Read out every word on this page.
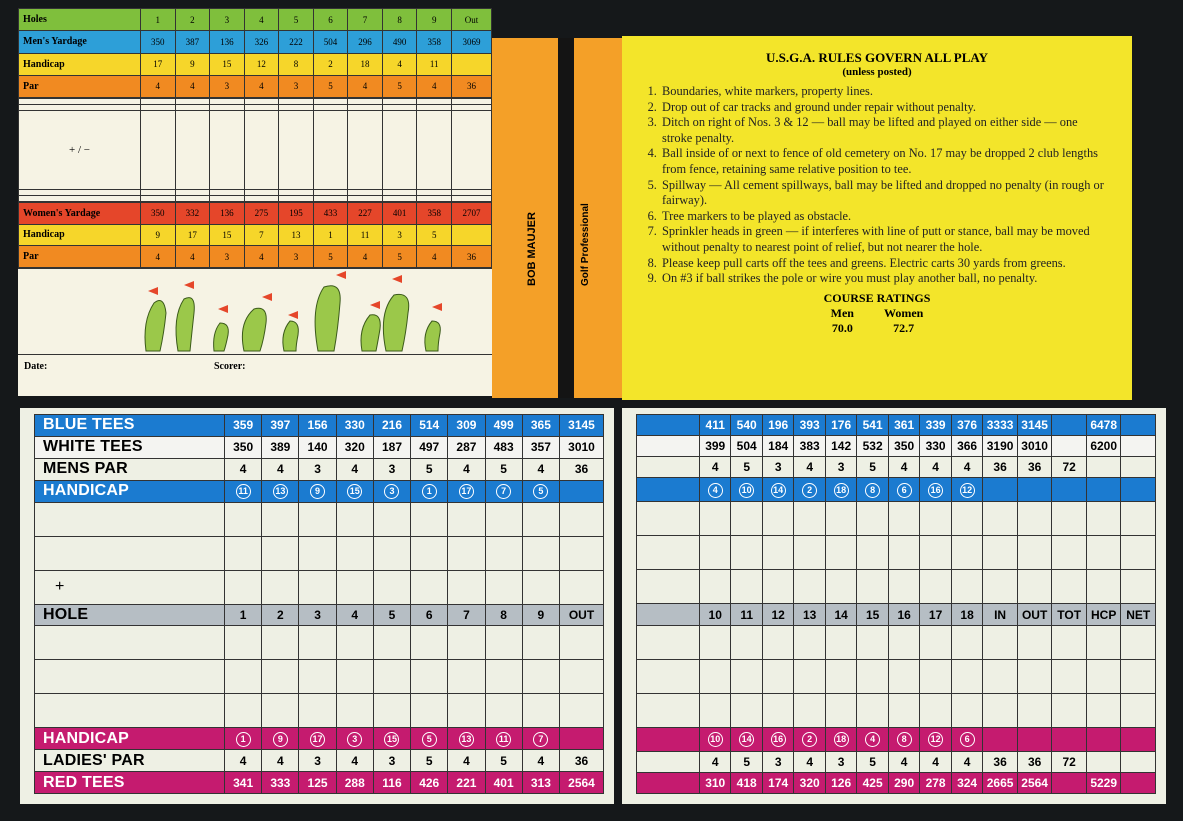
Holes	1	2	3	4	5	6	7	8	9	Out
Men's Yardage	350	387	136	326	222	504	296	490	358	3069
Handicap	17	9	15	12	8	2	18	4	11	
Par	4	4	3	4	3	5	4	5	4	36

+ / −										

Women's Yardage	350	332	136	275	195	433	227	401	358	2707
Handicap	9	17	15	7	13	1	11	3	5	
Par	4	4	3	4	3	5	4	5	4	36
Date:	Scorer:
BOB MAUJER	Golf Professional
U.S.G.A. RULES GOVERN ALL PLAY
(unless posted)
1. Boundaries, white markers, property lines.
2. Drop out of car tracks and ground under repair without penalty.
3. Ditch on right of Nos. 3 & 12 — ball may be lifted and played on either side — one stroke penalty.
4. Ball inside of or next to fence of old cemetery on No. 17 may be dropped 2 club lengths from fence, retaining same relative position to tee.
5. Spillway — All cement spillways, ball may be lifted and dropped no penalty (in rough or fairway).
6. Tree markers to be played as obstacle.
7. Sprinkler heads in green — if interferes with line of putt or stance, ball may be moved without penalty to nearest point of relief, but not nearer the hole.
8. Please keep pull carts off the tees and greens. Electric carts 30 yards from greens.
9. On #3 if ball strikes the pole or wire you must play another ball, no penalty.
COURSE RATINGS
Men
70.0
Women
72.7
BLUE TEES	359	397	156	330	216	514	309	499	365	3145
WHITE TEES	350	389	140	320	187	497	287	483	357	3010
MENS PAR	4	4	3	4	3	5	4	5	4	36
HANDICAP	11	13	9	15	3	1	17	7	5	

+										
HOLE	1	2	3	4	5	6	7	8	9	OUT

HANDICAP	1	9	17	3	15	5	13	11	7	
LADIES' PAR	4	4	3	4	3	5	4	5	4	36
RED TEES	341	333	125	288	116	426	221	401	313	2564
	411	540	196	393	176	541	361	339	376	3333	3145		6478	
	399	504	184	383	142	532	350	330	366	3190	3010		6200	
	4	5	3	4	3	5	4	4	4	36	36	72		
	4	10	14	2	18	8	6	16	12					

	10	11	12	13	14	15	16	17	18	IN	OUT	TOT	HCP	NET

	10	14	16	2	18	4	8	12	6					
	4	5	3	4	3	5	4	4	4	36	36	72		
	310	418	174	320	126	425	290	278	324	2665	2564		5229	
